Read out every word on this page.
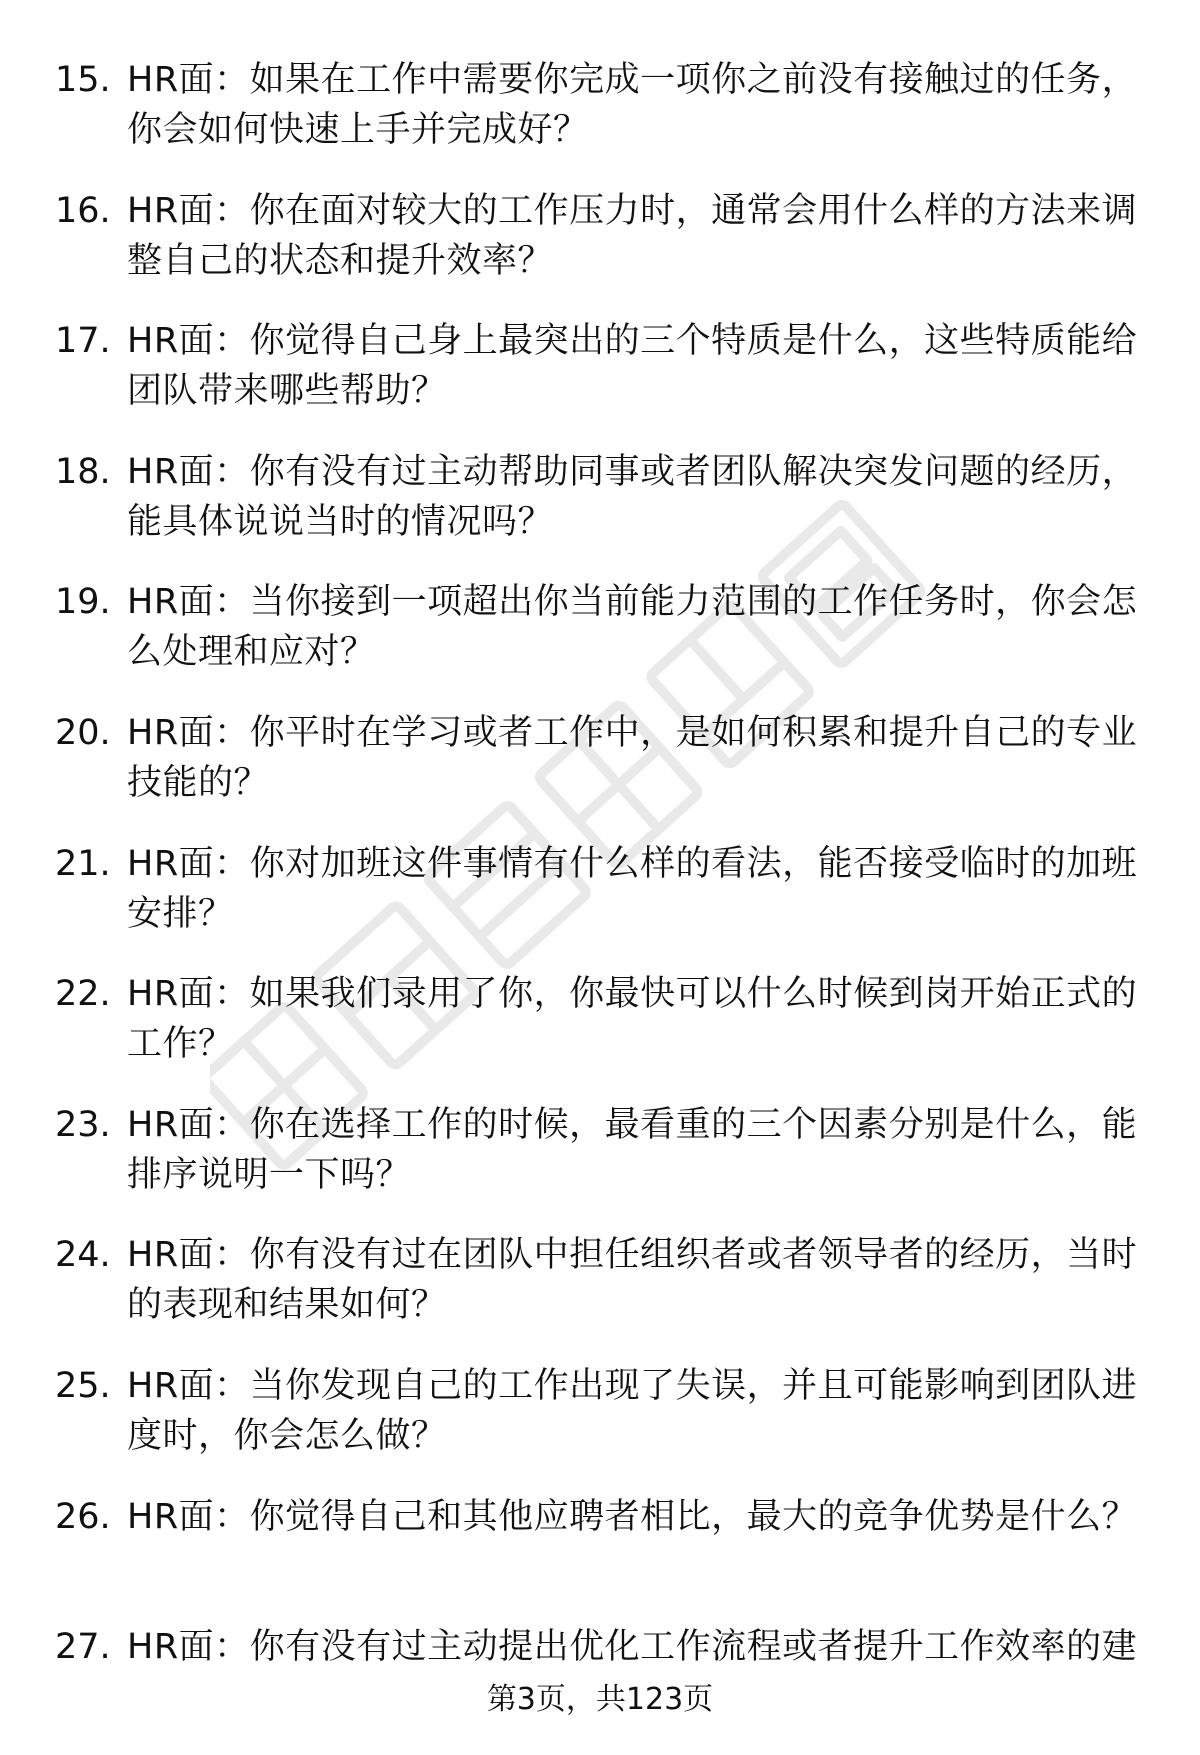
15. HR面：如果在工作中需要你完成一项你之前没有接触过的任务，你会如何快速上手并完成好？
16. HR面：你在面对较大的工作压力时，通常会用什么样的方法来调整自己的状态和提升效率？
17. HR面：你觉得自己身上最突出的三个特质是什么，这些特质能给团队带来哪些帮助？
18. HR面：你有没有过主动帮助同事或者团队解决突发问题的经历，能具体说说当时的情况吗？
19. HR面：当你接到一项超出你当前能力范围的工作任务时，你会怎么处理和应对？
20. HR面：你平时在学习或者工作中，是如何积累和提升自己的专业技能的？
21. HR面：你对加班这件事情有什么样的看法，能否接受临时的加班安排？
22. HR面：如果我们录用了你，你最快可以什么时候到岗开始正式的工作？
23. HR面：你在选择工作的时候，最看重的三个因素分别是什么，能排序说明一下吗？
24. HR面：你有没有过在团队中担任组织者或者领导者的经历，当时的表现和结果如何？
25. HR面：当你发现自己的工作出现了失误，并且可能影响到团队进度时，你会怎么做？
26. HR面：你觉得自己和其他应聘者相比，最大的竞争优势是什么？
27. HR面：你有没有过主动提出优化工作流程或者提升工作效率的建
第3页，共123页
